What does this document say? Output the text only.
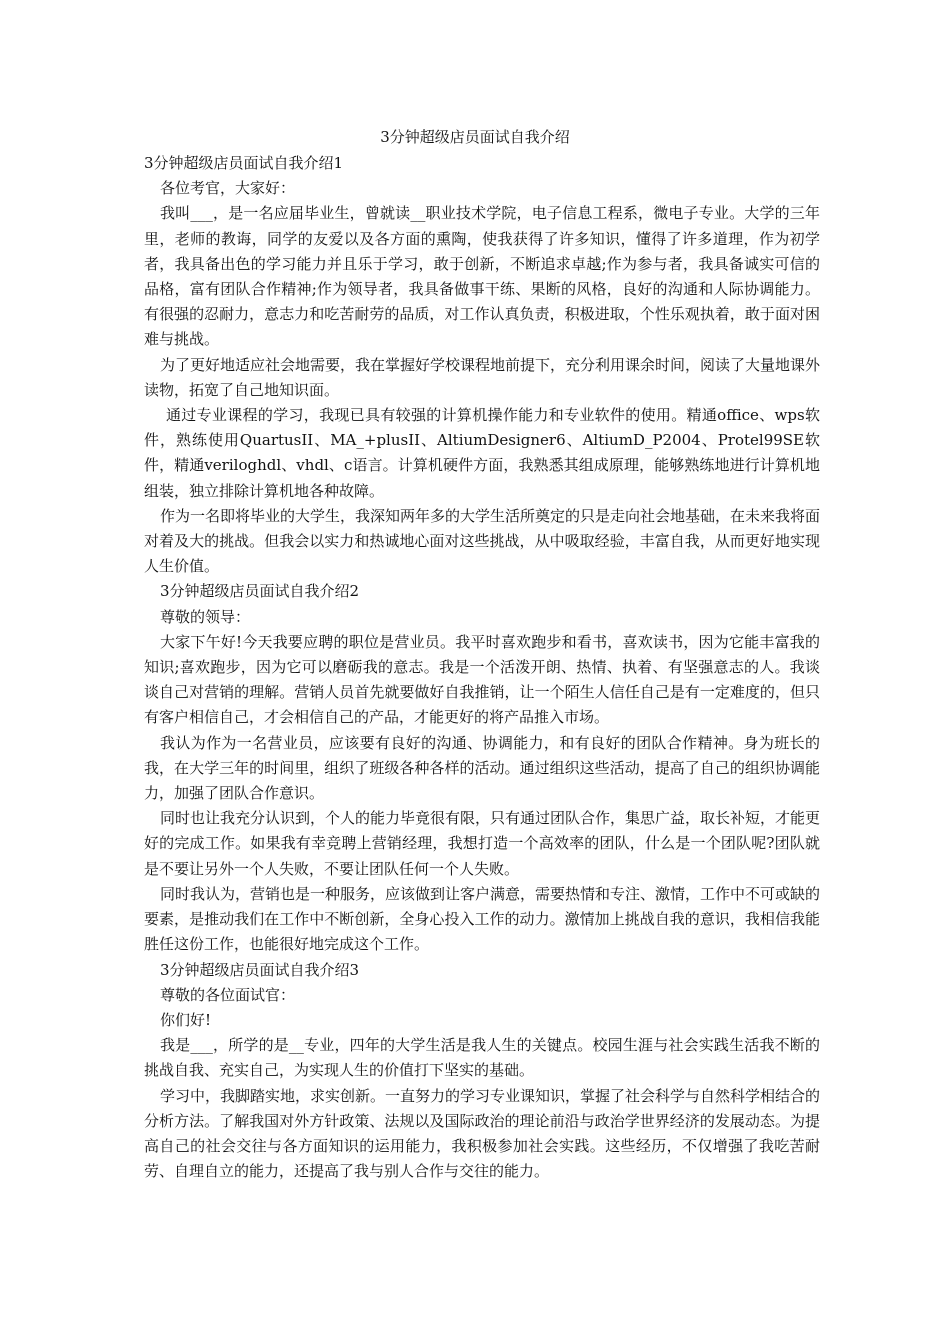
3分钟超级店员面试自我介绍

3分钟超级店员面试自我介绍1

各位考官，大家好：

我叫___，是一名应届毕业生，曾就读__职业技术学院，电子信息工程系，微电子专业。大学的三年里，老师的教诲，同学的友爱以及各方面的熏陶，使我获得了许多知识，懂得了许多道理，作为初学者，我具备出色的学习能力并且乐于学习，敢于创新，不断追求卓越;作为参与者，我具备诚实可信的品格，富有团队合作精神;作为领导者，我具备做事干练、果断的风格，良好的沟通和人际协调能力。有很强的忍耐力，意志力和吃苦耐劳的品质，对工作认真负责，积极进取，个性乐观执着，敢于面对困难与挑战。

为了更好地适应社会地需要，我在掌握好学校课程地前提下，充分利用课余时间，阅读了大量地课外读物，拓宽了自己地知识面。

通过专业课程的学习，我现已具有较强的计算机操作能力和专业软件的使用。精通office、wps软件，熟练使用QuartusII、MA_+plusII、AltiumDesigner6、AltiumD_P2004、Protel99SE软件，精通veriloghdl、vhdl、c语言。计算机硬件方面，我熟悉其组成原理，能够熟练地进行计算机地组装，独立排除计算机地各种故障。

作为一名即将毕业的大学生，我深知两年多的大学生活所奠定的只是走向社会地基础，在未来我将面对着及大的挑战。但我会以实力和热诚地心面对这些挑战，从中吸取经验，丰富自我，从而更好地实现人生价值。

3分钟超级店员面试自我介绍2

尊敬的领导：

大家下午好!今天我要应聘的职位是营业员。我平时喜欢跑步和看书，喜欢读书，因为它能丰富我的知识;喜欢跑步，因为它可以磨砺我的意志。我是一个活泼开朗、热情、执着、有坚强意志的人。我谈谈自己对营销的理解。营销人员首先就要做好自我推销，让一个陌生人信任自己是有一定难度的，但只有客户相信自己，才会相信自己的产品，才能更好的将产品推入市场。

我认为作为一名营业员，应该要有良好的沟通、协调能力，和有良好的团队合作精神。身为班长的我，在大学三年的时间里，组织了班级各种各样的活动。通过组织这些活动，提高了自己的组织协调能力，加强了团队合作意识。

同时也让我充分认识到，个人的能力毕竟很有限，只有通过团队合作，集思广益，取长补短，才能更好的完成工作。如果我有幸竞聘上营销经理，我想打造一个高效率的团队，什么是一个团队呢?团队就是不要让另外一个人失败，不要让团队任何一个人失败。

同时我认为，营销也是一种服务，应该做到让客户满意，需要热情和专注、激情，工作中不可或缺的要素，是推动我们在工作中不断创新，全身心投入工作的动力。激情加上挑战自我的意识，我相信我能胜任这份工作，也能很好地完成这个工作。

3分钟超级店员面试自我介绍3

尊敬的各位面试官：

你们好!

我是___，所学的是__专业，四年的大学生活是我人生的关键点。校园生涯与社会实践生活我不断的挑战自我、充实自己，为实现人生的价值打下坚实的基础。

学习中，我脚踏实地，求实创新。一直努力的学习专业课知识，掌握了社会科学与自然科学相结合的分析方法。了解我国对外方针政策、法规以及国际政治的理论前沿与政治学世界经济的发展动态。为提高自己的社会交往与各方面知识的运用能力，我积极参加社会实践。这些经历，不仅增强了我吃苦耐劳、自理自立的能力，还提高了我与别人合作与交往的能力。
